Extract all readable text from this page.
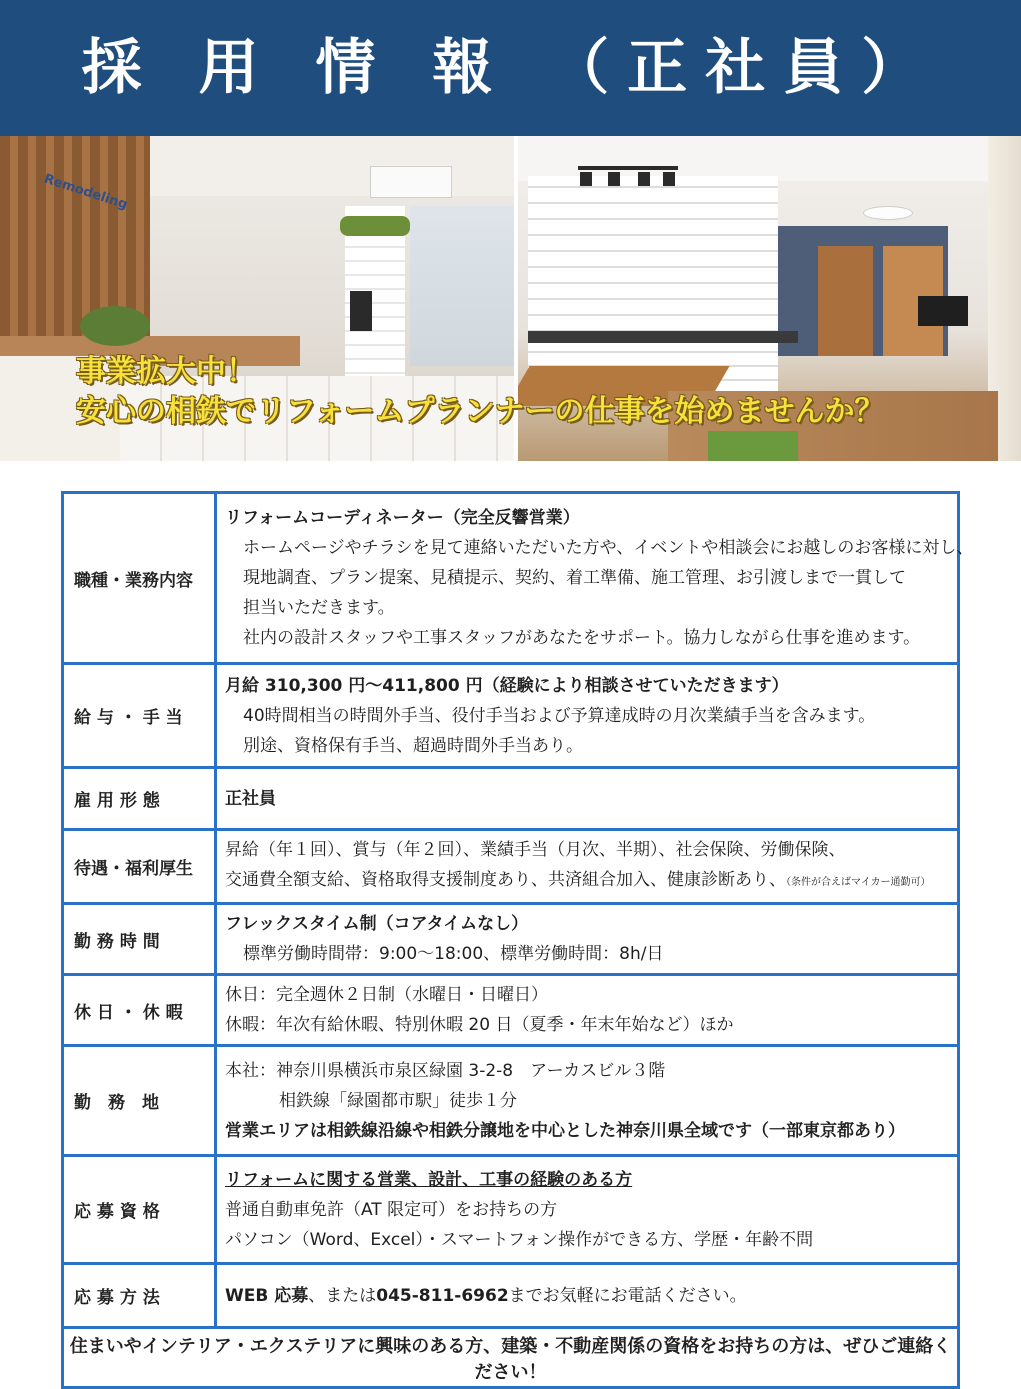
採 用 情 報 （正社員）
Remodeling
事業拡大中！
安心の相鉄でリフォームプランナーの仕事を始めませんか？
職種・業務内容	リフォームコーディネーター（完全反響営業）
ホームページやチラシを見て連絡いただいた方や、イベントや相談会にお越しのお客様に対し、
現地調査、プラン提案、見積提示、契約、着工準備、施工管理、お引渡しまで一貫して
担当いただきます。
社内の設計スタッフや工事スタッフがあなたをサポート。協力しながら仕事を進めます。

給 与 ・ 手 当	月給 310,300 円～411,800 円（経験により相談させていただきます）
40時間相当の時間外手当、役付手当および予算達成時の月次業績手当を含みます。
別途、資格保有手当、超過時間外手当あり。

雇 用 形 態	正社員

待遇・福利厚生	昇給（年１回）、賞与（年２回）、業績手当（月次、半期）、社会保険、労働保険、
交通費全額支給、資格取得支援制度あり、共済組合加入、健康診断あり、（条件が合えばマイカー通勤可）

勤 務 時 間	フレックスタイム制（コアタイムなし）
標準労働時間帯：9:00～18:00、標準労働時間：8h/日

休 日 ・ 休 暇	休日：完全週休２日制（水曜日・日曜日）
休暇：年次有給休暇、特別休暇 20 日（夏季・年末年始など）ほか

勤　務　地	本社：神奈川県横浜市泉区緑園 3-2-8　アーカスビル３階
相鉄線「緑園都市駅」徒歩１分
営業エリアは相鉄線沿線や相鉄分譲地を中心とした神奈川県全域です（一部東京都あり）

応 募 資 格	リフォームに関する営業、設計、工事の経験のある方
普通自動車免許（AT 限定可）をお持ちの方
パソコン（Word、Excel）・スマートフォン操作ができる方、学歴・年齢不問

応 募 方 法	WEB 応募、または045-811-6962までお気軽にお電話ください。

住まいやインテリア・エクステリアに興味のある方、建築・不動産関係の資格をお持ちの方は、ぜひご連絡ください！	
